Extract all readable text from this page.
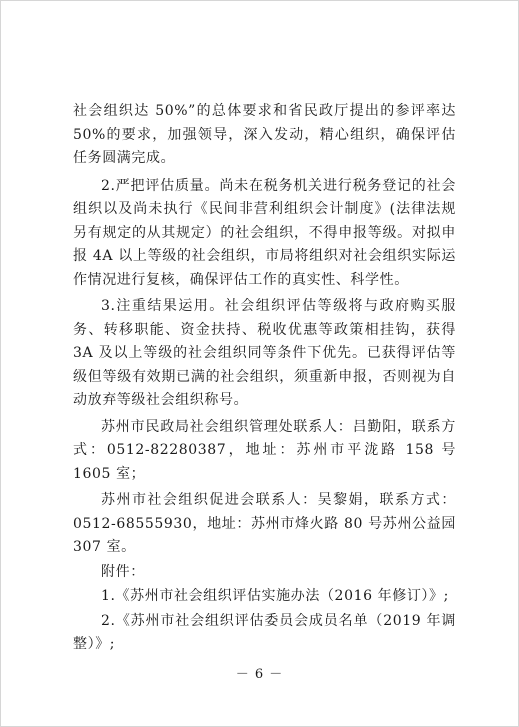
社会组织达 50%”的总体要求和省民政厅提出的参评率达 50%的要求，加强领导，深入发动，精心组织，确保评估任务圆满完成。

2.严把评估质量。尚未在税务机关进行税务登记的社会组织以及尚未执行《民间非营利组织会计制度》(法律法规另有规定的从其规定）的社会组织，不得申报等级。对拟申报 4A 以上等级的社会组织，市局将组织对社会组织实际运作情况进行复核，确保评估工作的真实性、科学性。

3.注重结果运用。社会组织评估等级将与政府购买服务、转移职能、资金扶持、税收优惠等政策相挂钩，获得 3A 及以上等级的社会组织同等条件下优先。已获得评估等级但等级有效期已满的社会组织，须重新申报，否则视为自动放弃等级社会组织称号。

苏州市民政局社会组织管理处联系人：吕勤阳，联系方式：0512-82280387，地址：苏州市平泷路 158 号 1605 室；

苏州市社会组织促进会联系人：吴黎娟，联系方式：0512-68555930，地址：苏州市烽火路 80 号苏州公益园 307 室。

附件：

1.《苏州市社会组织评估实施办法（2016 年修订）》;

2.《苏州市社会组织评估委员会成员名单（2019 年调整）》;

－ 6 －
